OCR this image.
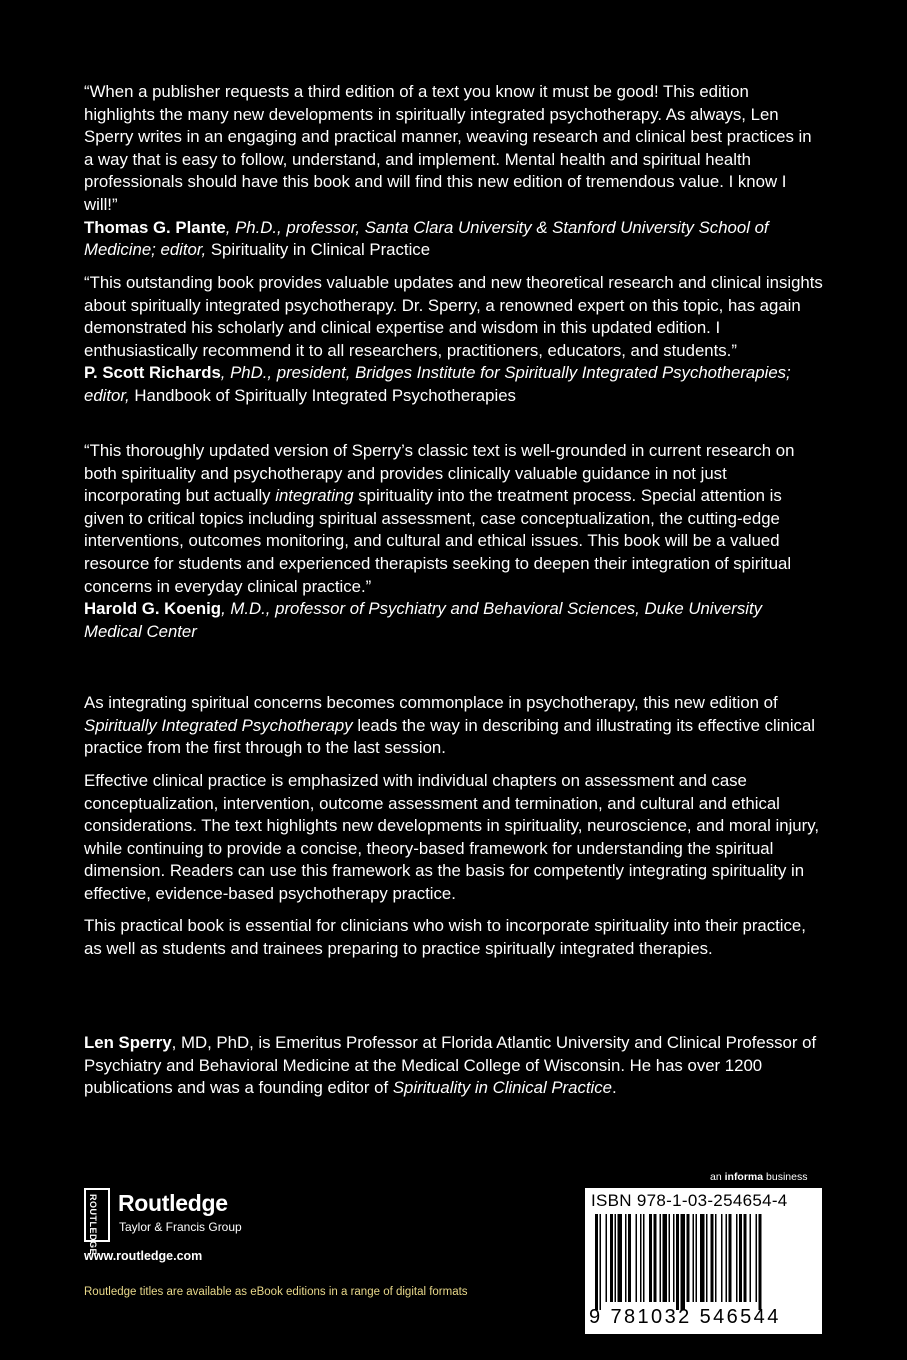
“When a publisher requests a third edition of a text you know it must be good! This edition highlights the many new developments in spiritually integrated psychotherapy. As always, Len Sperry writes in an engaging and practical manner, weaving research and clinical best practices in a way that is easy to follow, understand, and implement. Mental health and spiritual health professionals should have this book and will find this new edition of tremendous value. I know I will!”

Thomas G. Plante, Ph.D., professor, Santa Clara University & Stanford University School of Medicine; editor, Spirituality in Clinical Practice

“This outstanding book provides valuable updates and new theoretical research and clinical insights about spiritually integrated psychotherapy. Dr. Sperry, a renowned expert on this topic, has again demonstrated his scholarly and clinical expertise and wisdom in this updated edition. I enthusiastically recommend it to all researchers, practitioners, educators, and students.”

P. Scott Richards, PhD., president, Bridges Institute for Spiritually Integrated Psychotherapies; editor, Handbook of Spiritually Integrated Psychotherapies

“This thoroughly updated version of Sperry’s classic text is well-grounded in current research on both spirituality and psychotherapy and provides clinically valuable guidance in not just incorporating but actually integrating spirituality into the treatment process. Special attention is given to critical topics including spiritual assessment, case conceptualization, the cutting-edge interventions, outcomes monitoring, and cultural and ethical issues. This book will be a valued resource for students and experienced therapists seeking to deepen their integration of spiritual concerns in everyday clinical practice.”

Harold G. Koenig, M.D., professor of Psychiatry and Behavioral Sciences, Duke University Medical Center

As integrating spiritual concerns becomes commonplace in psychotherapy, this new edition of Spiritually Integrated Psychotherapy leads the way in describing and illustrating its effective clinical practice from the first through to the last session.

Effective clinical practice is emphasized with individual chapters on assessment and case conceptualization, intervention, outcome assessment and termination, and cultural and ethical considerations. The text highlights new developments in spirituality, neuroscience, and moral injury, while continuing to provide a concise, theory-based framework for understanding the spiritual dimension. Readers can use this framework as the basis for competently integrating spirituality in effective, evidence-based psychotherapy practice.

This practical book is essential for clinicians who wish to incorporate spirituality into their practice, as well as students and trainees preparing to practice spiritually integrated therapies.

Len Sperry, MD, PhD, is Emeritus Professor at Florida Atlantic University and Clinical Professor of Psychiatry and Behavioral Medicine at the Medical College of Wisconsin. He has over 1200 publications and was a founding editor of Spirituality in Clinical Practice.

ROUTLEDGE Routledge
Taylor & Francis Group
www.routledge.com
Routledge titles are available as eBook editions in a range of digital formats
an informa business
ISBN 978-1-03-254654-4
9 781032 546544
